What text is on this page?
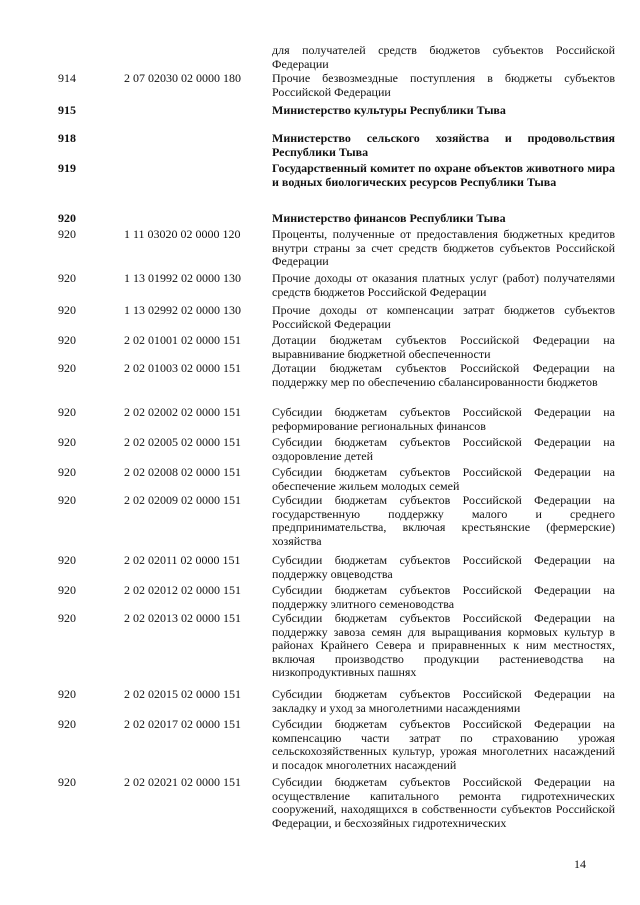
для получателей средств бюджетов субъектов Российской Федерации
914	2 07 02030 02 0000 180	Прочие безвозмездные поступления в бюджеты субъектов Российской Федерации
915	Министерство культуры Республики Тыва
918	Министерство сельского хозяйства и продовольствия Республики Тыва
919	Государственный комитет по охране объектов животного мира и водных биологических ресурсов Республики Тыва
920	Министерство финансов Республики Тыва
920	1 11 03020 02 0000 120	Проценты, полученные от предоставления бюджетных кредитов внутри страны за счет средств бюджетов субъектов Российской Федерации
920	1 13 01992 02 0000 130	Прочие доходы от оказания платных услуг (работ) получателями средств бюджетов Российской Федерации
920	1 13 02992 02 0000 130	Прочие доходы от компенсации затрат бюджетов субъектов Российской Федерации
920	2 02 01001 02 0000 151	Дотации бюджетам субъектов Российской Федерации на выравнивание бюджетной обеспеченности
920	2 02 01003 02 0000 151	Дотации бюджетам субъектов Российской Федерации на поддержку мер по обеспечению сбалансированности бюджетов
920	2 02 02002 02 0000 151	Субсидии бюджетам субъектов Российской Федерации на реформирование региональных финансов
920	2 02 02005 02 0000 151	Субсидии бюджетам субъектов Российской Федерации на оздоровление детей
920	2 02 02008 02 0000 151	Субсидии бюджетам субъектов Российской Федерации на обеспечение жильем молодых семей
920	2 02 02009 02 0000 151	Субсидии бюджетам субъектов Российской Федерации на государственную поддержку малого и среднего предпринимательства, включая крестьянские (фермерские) хозяйства
920	2 02 02011 02 0000 151	Субсидии бюджетам субъектов Российской Федерации на поддержку овцеводства
920	2 02 02012 02 0000 151	Субсидии бюджетам субъектов Российской Федерации на поддержку элитного семеноводства
920	2 02 02013 02 0000 151	Субсидии бюджетам субъектов Российской Федерации на поддержку завоза семян для выращивания кормовых культур в районах Крайнего Севера и приравненных к ним местностях, включая производство продукции растениеводства на низкопродуктивных пашнях
920	2 02 02015 02 0000 151	Субсидии бюджетам субъектов Российской Федерации на закладку и уход за многолетними насаждениями
920	2 02 02017 02 0000 151	Субсидии бюджетам субъектов Российской Федерации на компенсацию части затрат по страхованию урожая сельскохозяйственных культур, урожая многолетних насаждений и посадок многолетних насаждений
920	2 02 02021 02 0000 151	Субсидии бюджетам субъектов Российской Федерации на осуществление капитального ремонта гидротехнических сооружений, находящихся в собственности субъектов Российской Федерации, и бесхозяйных гидротехнических
14
